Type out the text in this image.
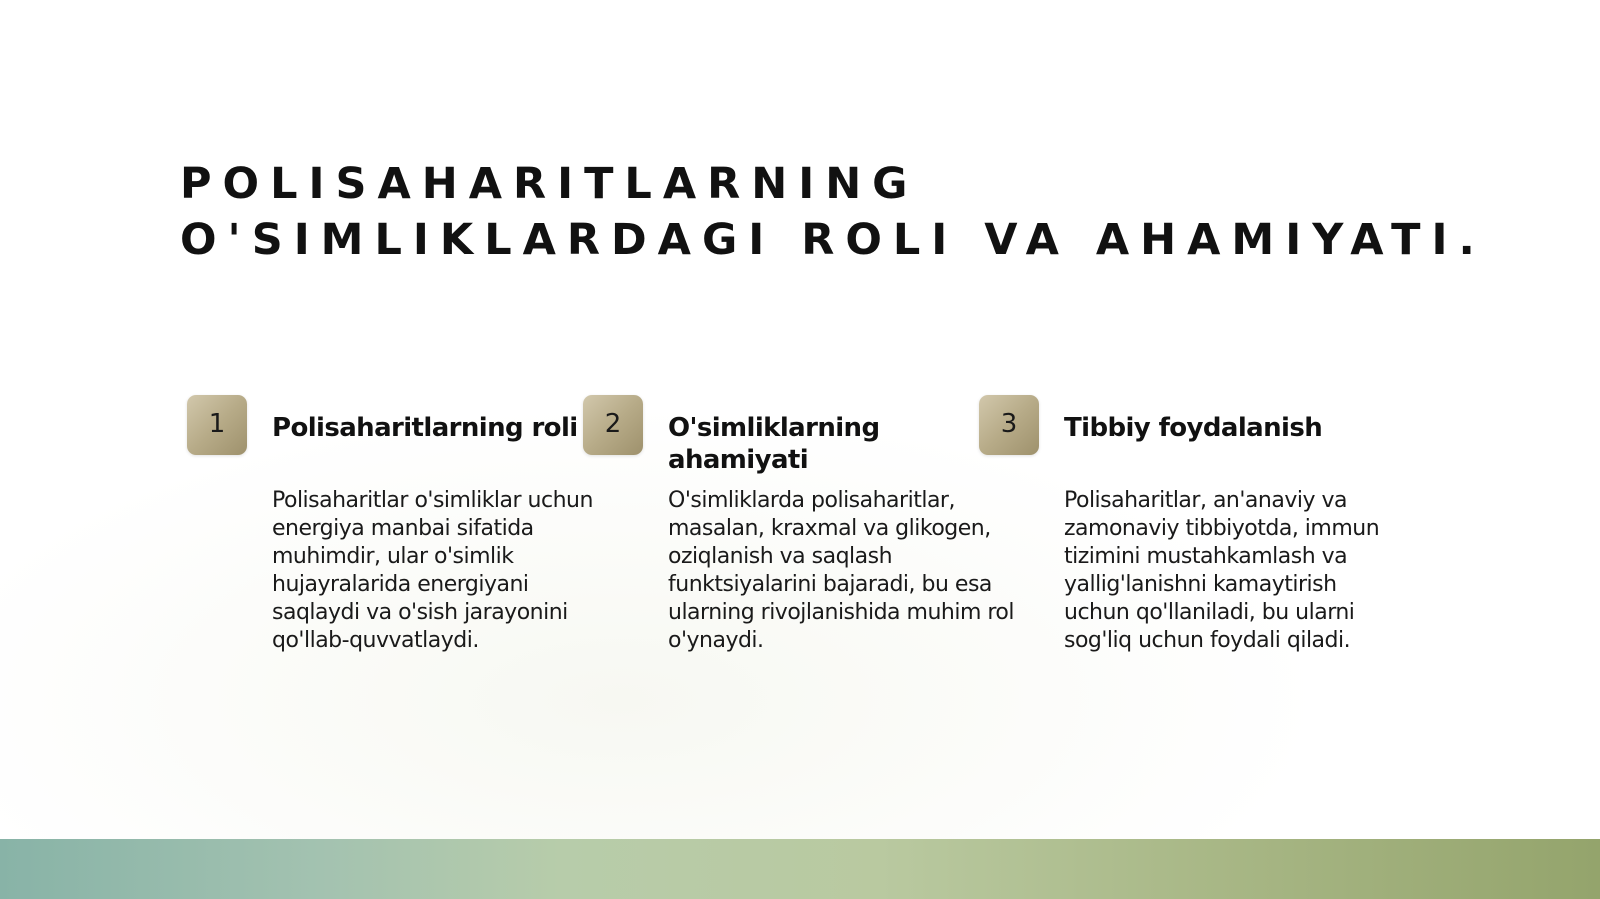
POLISAHARITLARNING
O'SIMLIKLARDAGI ROLI VA AHAMIYATI.
1	Polisaharitlarning roli

Polisaharitlar o'simliklar uchun energiya manbai sifatida muhimdir, ular o'simlik hujayralarida energiyani saqlaydi va o'sish jarayonini qo'llab-quvvatlaydi.

2	O'simliklarning ahamiyati

O'simliklarda polisaharitlar, masalan, kraxmal va glikogen, oziqlanish va saqlash funktsiyalarini bajaradi, bu esa ularning rivojlanishida muhim rol o'ynaydi.

3	Tibbiy foydalanish

Polisaharitlar, an'anaviy va zamonaviy tibbiyotda, immun tizimini mustahkamlash va yallig'lanishni kamaytirish uchun qo'llaniladi, bu ularni sog'liq uchun foydali qiladi.
